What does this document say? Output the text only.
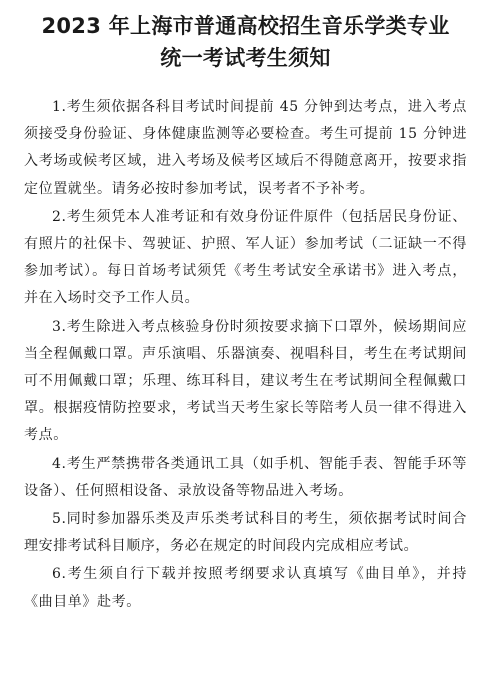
2023 年上海市普通高校招生音乐学类专业
统一考试考生须知

1.考生须依据各科目考试时间提前 45 分钟到达考点，进入考点须接受身份验证、身体健康监测等必要检查。考生可提前 15 分钟进入考场或候考区域，进入考场及候考区域后不得随意离开，按要求指定位置就坐。请务必按时参加考试，误考者不予补考。

2.考生须凭本人准考证和有效身份证件原件（包括居民身份证、有照片的社保卡、驾驶证、护照、军人证）参加考试（二证缺一不得参加考试）。每日首场考试须凭《考生考试安全承诺书》进入考点，并在入场时交予工作人员。

3.考生除进入考点核验身份时须按要求摘下口罩外，候场期间应当全程佩戴口罩。声乐演唱、乐器演奏、视唱科目，考生在考试期间可不用佩戴口罩；乐理、练耳科目，建议考生在考试期间全程佩戴口罩。根据疫情防控要求，考试当天考生家长等陪考人员一律不得进入考点。

4.考生严禁携带各类通讯工具（如手机、智能手表、智能手环等设备）、任何照相设备、录放设备等物品进入考场。

5.同时参加器乐类及声乐类考试科目的考生，须依据考试时间合理安排考试科目顺序，务必在规定的时间段内完成相应考试。

6.考生须自行下载并按照考纲要求认真填写《曲目单》，并持《曲目单》赴考。
